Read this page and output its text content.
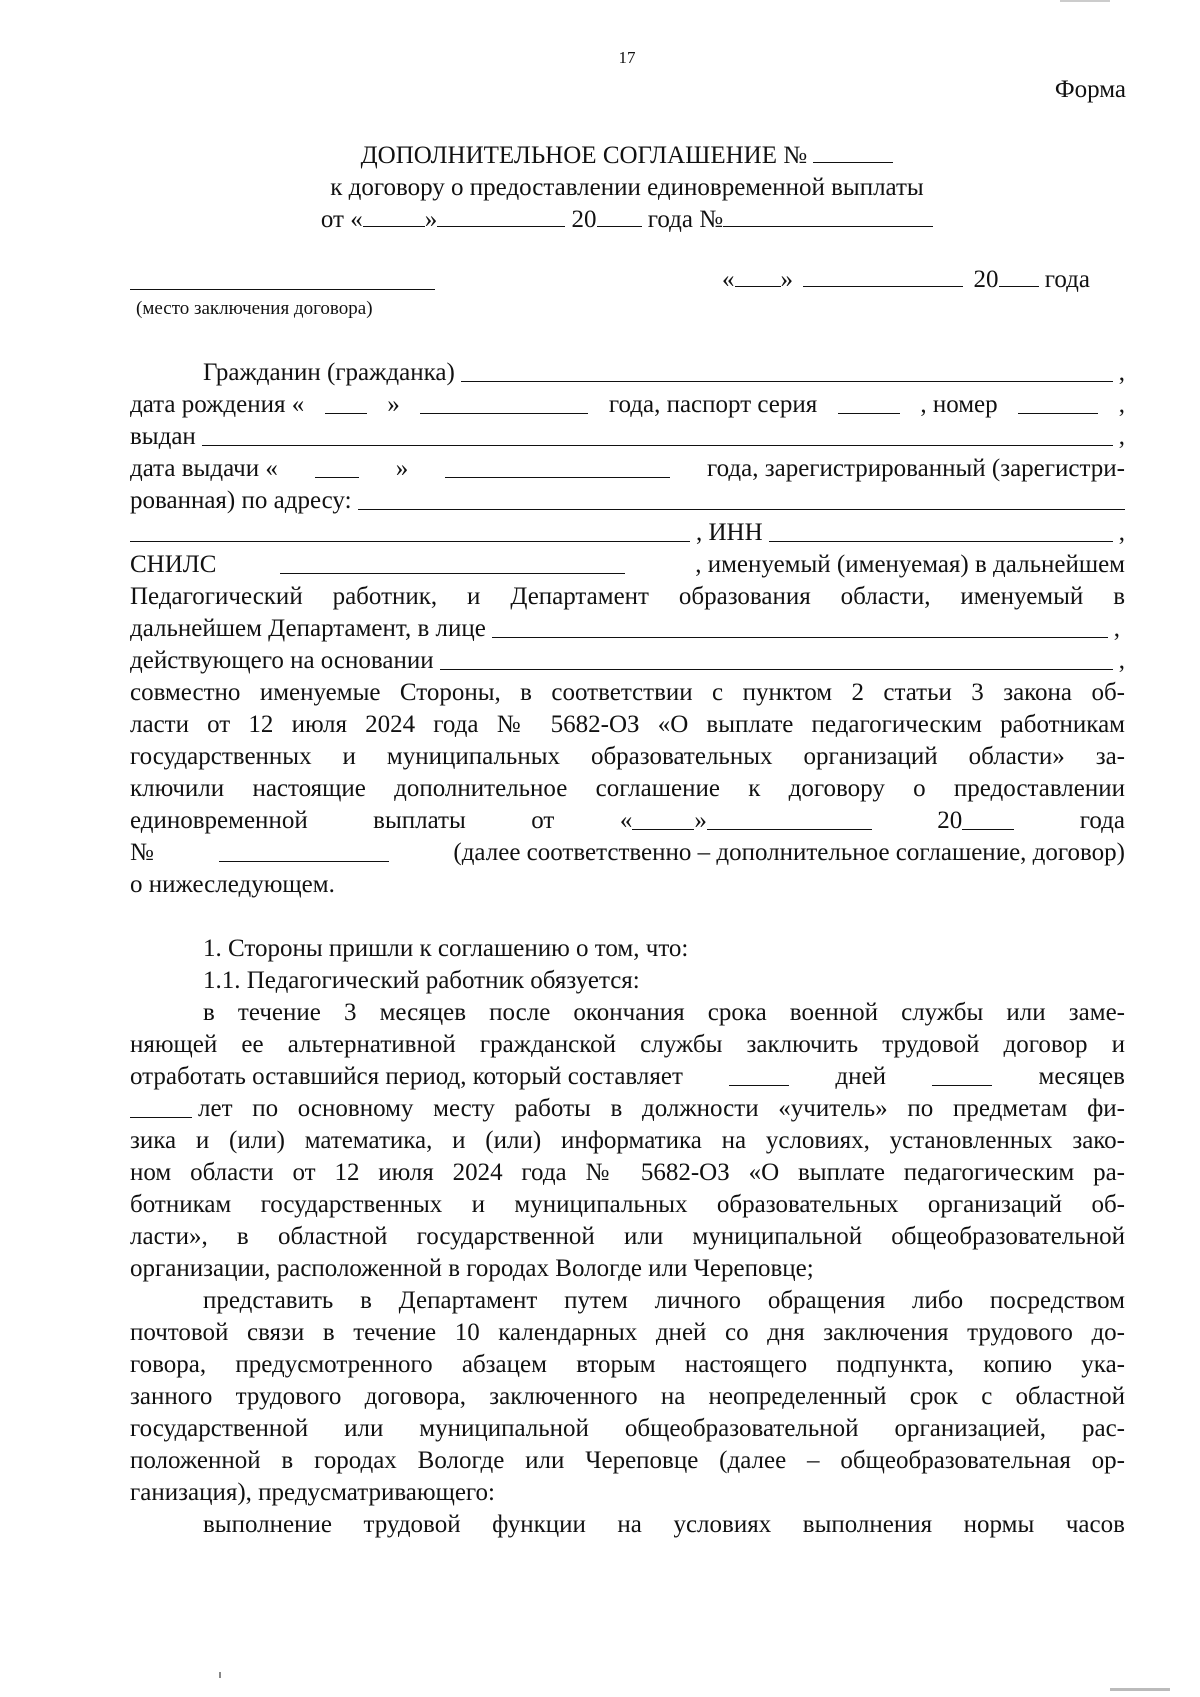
17
Форма
ДОПОЛНИТЕЛЬНОЕ СОГЛАШЕНИЕ №
к договору о предоставлении единовременной выплаты
от « »	20 года №
(место заключения договора)
« »	20 года
Гражданин (гражданка)	,
дата рождения «	»	года, паспорт серия	, номер	,
выдан	,
дата выдачи «	»	года, зарегистрированный (зарегистри-
рованная) по адресу:
, ИНН	,
СНИЛС	, именуемый (именуемая) в дальнейшем
Педагогический работник, и Департамент образования области, именуемый в
дальнейшем Департамент, в лице	,
действующего на основании	,
совместно именуемые Стороны, в соответствии с пунктом 2 статьи 3 закона об-
ласти от 12 июля 2024 года № 5682-ОЗ «О выплате педагогическим работникам
государственных и муниципальных образовательных организаций области» за-
ключили настоящие дополнительное соглашение к договору о предоставлении
единовременной	выплаты	от	« »	20	года
№	(далее соответственно – дополнительное соглашение, договор)
о нижеследующем.
1. Стороны пришли к соглашению о том, что:
1.1. Педагогический работник обязуется:
в течение 3 месяцев после окончания срока военной службы или заме-
няющей ее альтернативной гражданской службы заключить трудовой договор и
отработать оставшийся период, который составляет	дней	месяцев
лет по основному месту работы в должности «учитель» по предметам фи-
зика и (или) математика, и (или) информатика на условиях, установленных зако-
ном области от 12 июля 2024 года № 5682-ОЗ «О выплате педагогическим ра-
ботникам государственных и муниципальных образовательных организаций об-
ласти», в областной государственной или муниципальной общеобразовательной
организации, расположенной в городах Вологде или Череповце;
представить в Департамент путем личного обращения либо посредством
почтовой связи в течение 10 календарных дней со дня заключения трудового до-
говора, предусмотренного абзацем вторым настоящего подпункта, копию ука-
занного трудового договора, заключенного на неопределенный срок с областной
государственной или муниципальной общеобразовательной организацией, рас-
положенной в городах Вологде или Череповце (далее – общеобразовательная ор-
ганизация), предусматривающего:
выполнение трудовой функции на условиях выполнения нормы часов
